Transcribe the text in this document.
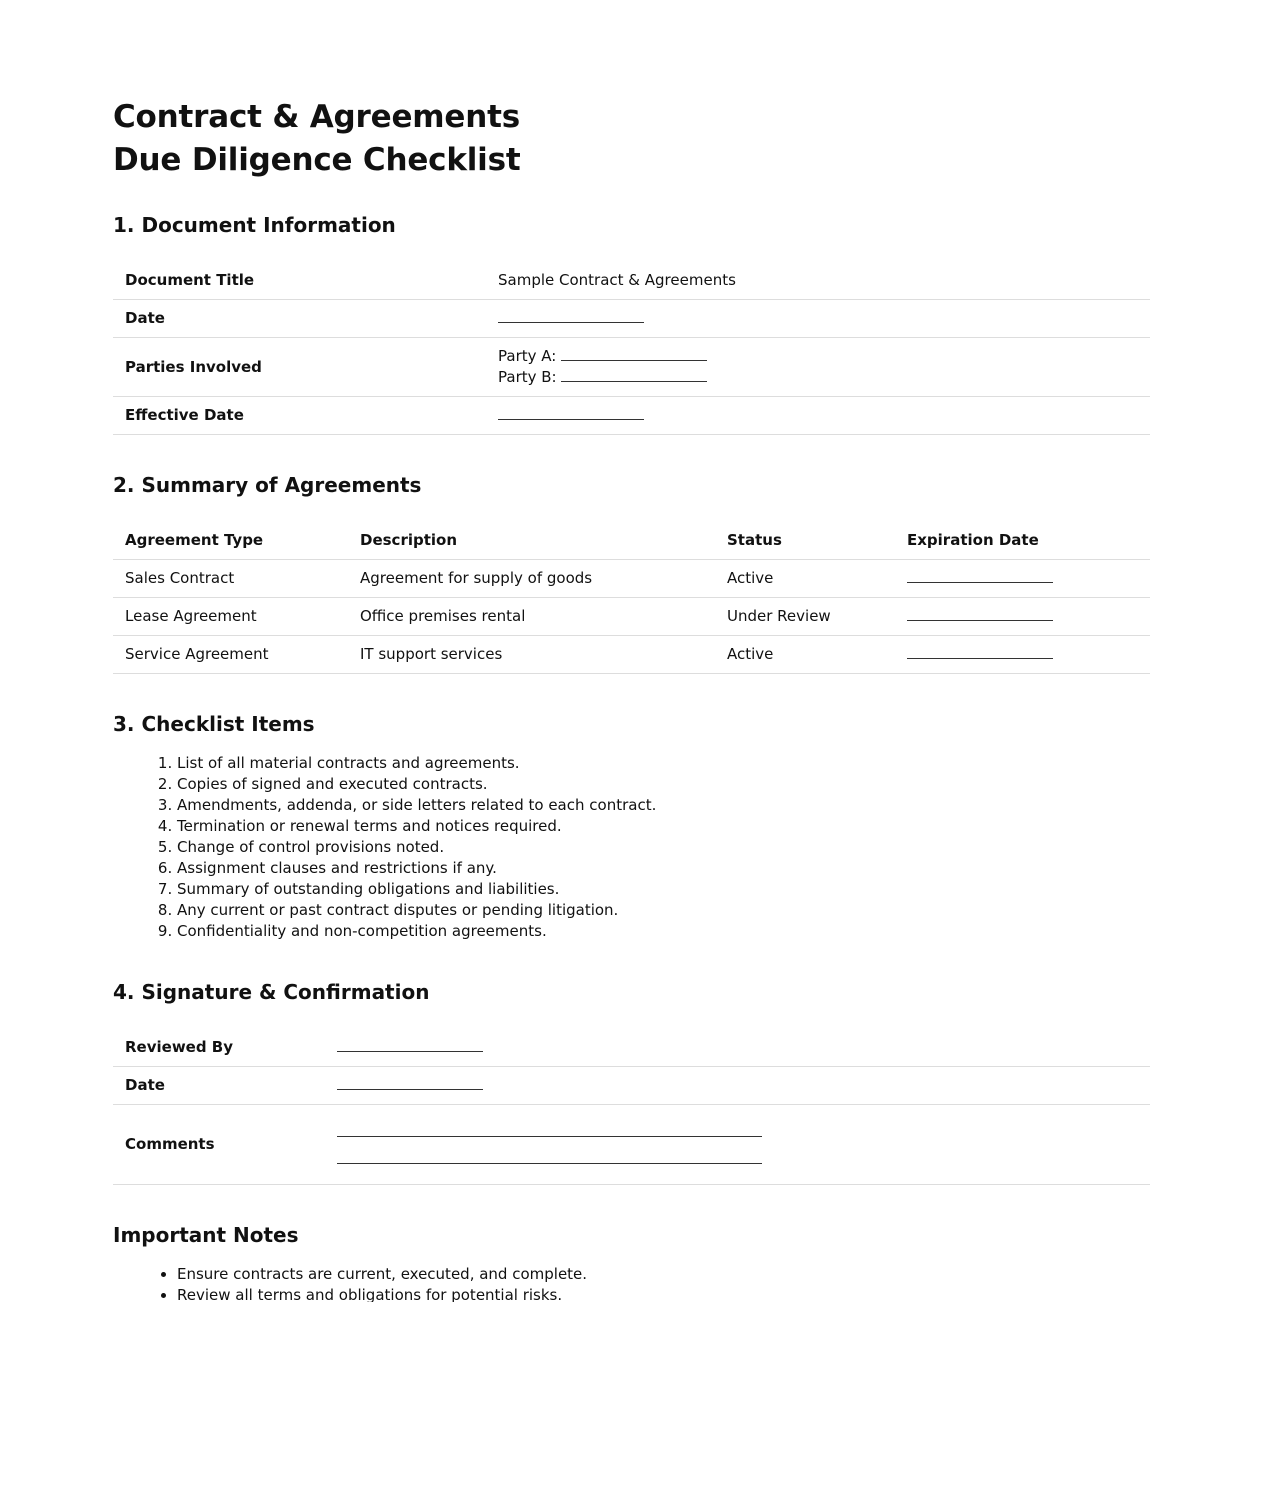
Contract & Agreements
Due Diligence Checklist
1. Document Information
Document Title	Sample Contract & Agreements
Date	
Parties Involved	Party A:
Party B:

Effective Date	
2. Summary of Agreements
Agreement Type	Description	Status	Expiration Date
Sales Contract	Agreement for supply of goods	Active	
Lease Agreement	Office premises rental	Under Review	
Service Agreement	IT support services	Active	
3. Checklist Items
1. List of all material contracts and agreements.
2. Copies of signed and executed contracts.
3. Amendments, addenda, or side letters related to each contract.
4. Termination or renewal terms and notices required.
5. Change of control provisions noted.
6. Assignment clauses and restrictions if any.
7. Summary of outstanding obligations and liabilities.
8. Any current or past contract disputes or pending litigation.
9. Confidentiality and non-competition agreements.
4. Signature & Confirmation
Reviewed By	
Date	
Comments	
Important Notes
• Ensure contracts are current, executed, and complete.
• Review all terms and obligations for potential risks.
